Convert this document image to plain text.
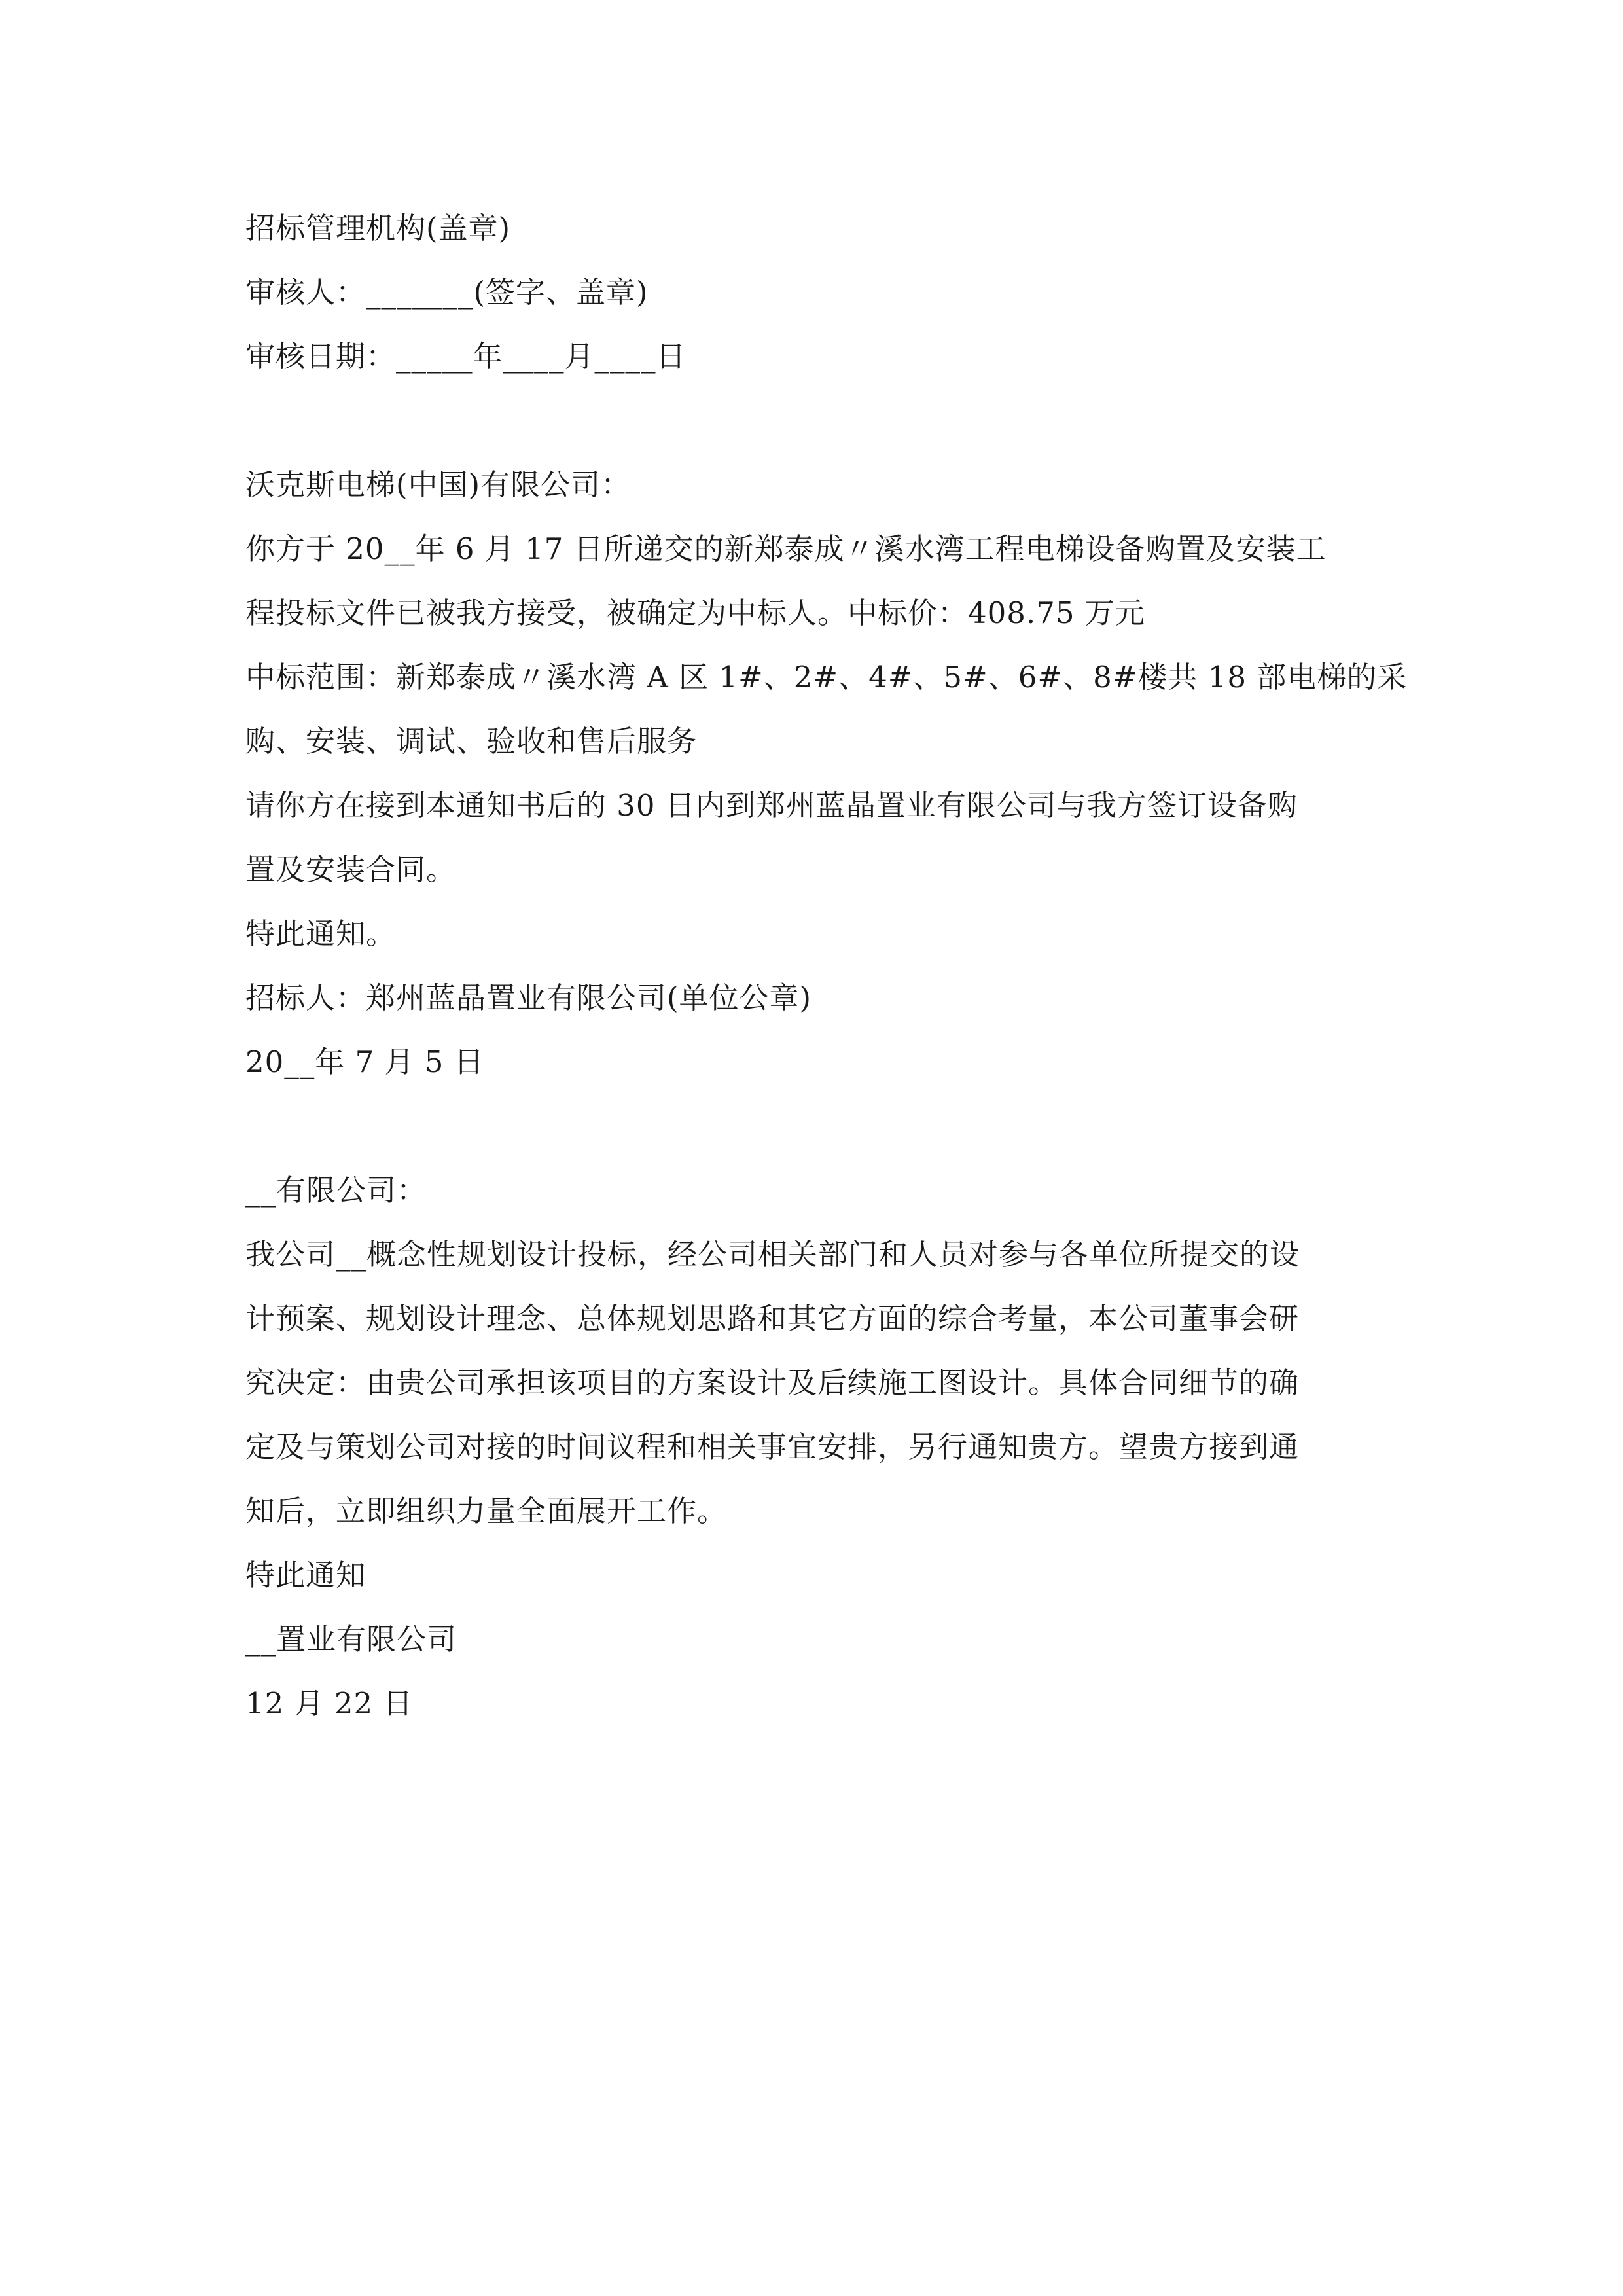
招标管理机构(盖章)
审核人：_______(签字、盖章)
审核日期：_____年____月____日
沃克斯电梯(中国)有限公司：
你方于 20__年 6 月 17 日所递交的新郑泰成〃溪水湾工程电梯设备购置及安装工
程投标文件已被我方接受，被确定为中标人。中标价：408.75 万元
中标范围：新郑泰成〃溪水湾 A 区 1#、2#、4#、5#、6#、8#楼共 18 部电梯的采
购、安装、调试、验收和售后服务
请你方在接到本通知书后的 30 日内到郑州蓝晶置业有限公司与我方签订设备购
置及安装合同。
特此通知。
招标人：郑州蓝晶置业有限公司(单位公章)
20__年 7 月 5 日
__有限公司：
我公司__概念性规划设计投标，经公司相关部门和人员对参与各单位所提交的设
计预案、规划设计理念、总体规划思路和其它方面的综合考量，本公司董事会研
究决定：由贵公司承担该项目的方案设计及后续施工图设计。具体合同细节的确
定及与策划公司对接的时间议程和相关事宜安排，另行通知贵方。望贵方接到通
知后，立即组织力量全面展开工作。
特此通知
__置业有限公司
12 月 22 日
